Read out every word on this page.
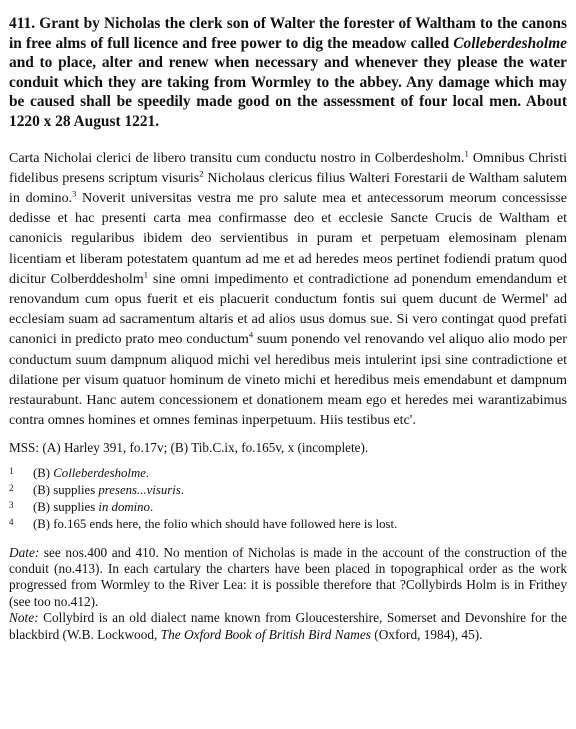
411. Grant by Nicholas the clerk son of Walter the forester of Waltham to the canons in free alms of full licence and free power to dig the meadow called Colleberdesholme and to place, alter and renew when necessary and whenever they please the water conduit which they are taking from Wormley to the abbey. Any damage which may be caused shall be speedily made good on the assessment of four local men. About 1220 x 28 August 1221.

Carta Nicholai clerici de libero transitu cum conductu nostro in Colberdesholm.$^1$ Omnibus Christi fidelibus presens scriptum visuris$^2$ Nicholaus clericus filius Walteri Forestarii de Waltham salutem in domino.$^3$ Noverit universitas vestra me pro salute mea et antecessorum meorum concessisse dedisse et hac presenti carta mea confirmasse deo et ecclesie Sancte Crucis de Waltham et canonicis regularibus ibidem deo servientibus in puram et perpetuam elemosinam plenam licentiam et liberam potestatem quantum ad me et ad heredes meos pertinet fodiendi pratum quod dicitur Colberddesholm$^1$ sine omni impedimento et contradictione ad ponendum emendandum et renovandum cum opus fuerit et eis placuerit conductum fontis sui quem ducunt de Wermel' ad ecclesiam suam ad sacramentum altaris et ad alios usus domus sue. Si vero contingat quod prefati canonici in predicto prato meo conductum$^4$ suum ponendo vel renovando vel aliquo alio modo per conductum suum dampnum aliquod michi vel heredibus meis intulerint ipsi sine contradictione et dilatione per visum quatuor hominum de vineto michi et heredibus meis emendabunt et dampnum restaurabunt. Hanc autem concessionem et donationem meam ego et heredes mei warantizabimus contra omnes homines et omnes feminas inperpetuum. Hiis testibus etc'.

MSS: (A) Harley 391, fo.17v; (B) Tib.C.ix, fo.165v, x (incomplete).

1	(B) Colleberdesholme.
2	(B) supplies presens...visuris.
3	(B) supplies in domino.
4	(B) fo.165 ends here, the folio which should have followed here is lost.

Date: see nos.400 and 410. No mention of Nicholas is made in the account of the construction of the conduit (no.413). In each cartulary the charters have been placed in topographical order as the work progressed from Wormley to the River Lea: it is possible therefore that ?Collybirds Holm is in Frithey (see too no.412).
Note: Collybird is an old dialect name known from Gloucestershire, Somerset and Devonshire for the blackbird (W.B. Lockwood, The Oxford Book of British Bird Names (Oxford, 1984), 45).
